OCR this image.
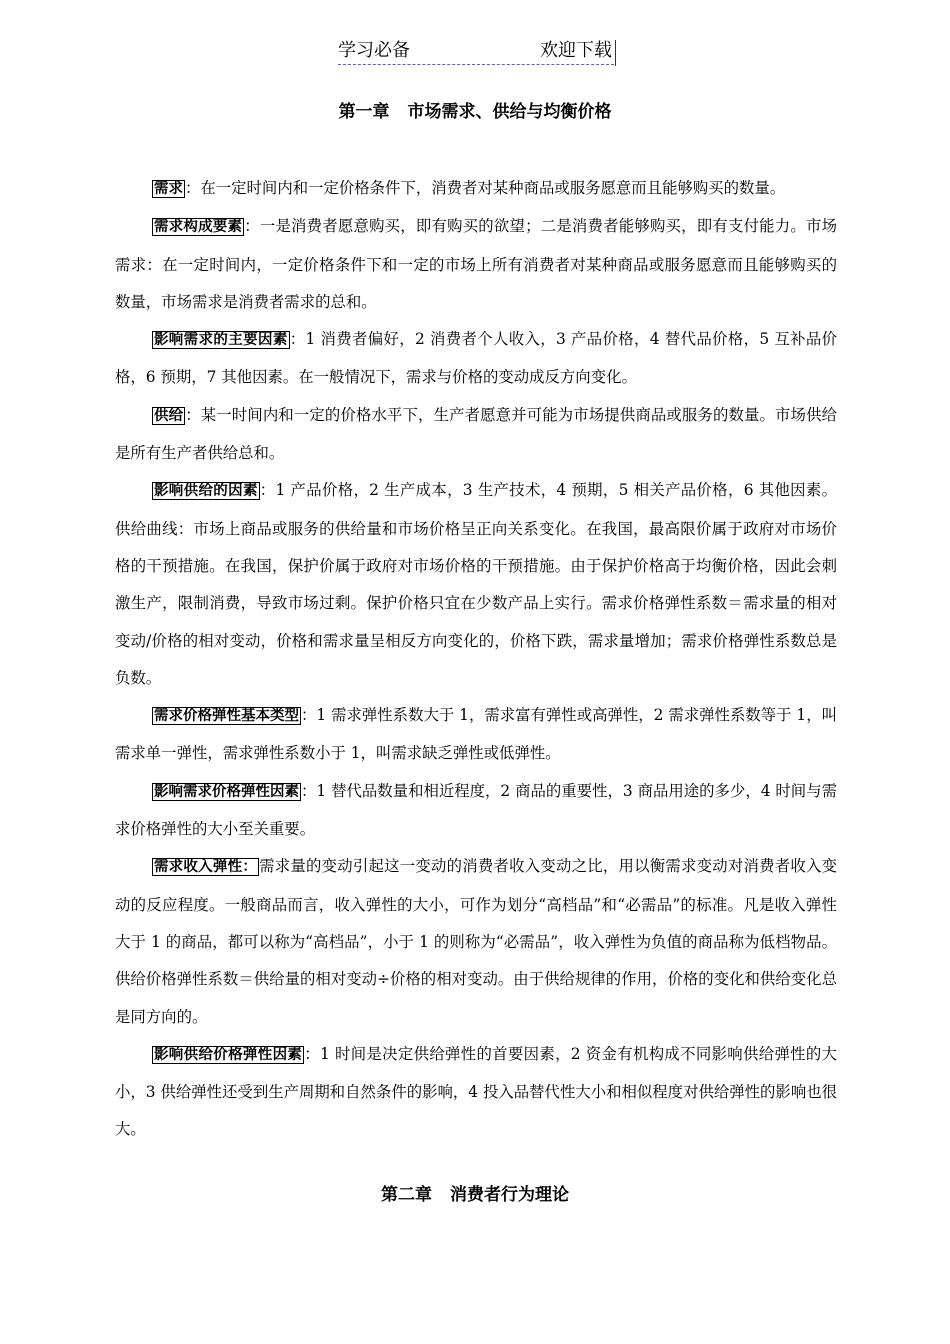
学习必备	欢迎下载
第一章 市场需求、供给与均衡价格

需求 ：在一定时间内和一定价格条件下，消费者对某种商品或服务愿意而且能够购买的数量。

需求构成要素 ：一是消费者愿意购买，即有购买的欲望；二是消费者能够购买，即有支付能力。市场需求：在一定时间内，一定价格条件下和一定的市场上所有消费者对某种商品或服务愿意而且能够购买的数量，市场需求是消费者需求的总和。

影响需求的主要因素 ：1 消费者偏好，2 消费者个人收入，3 产品价格，4 替代品价格，5 互补品价格，6 预期，7 其他因素。在一般情况下，需求与价格的变动成反方向变化。

供给 ：某一时间内和一定的价格水平下，生产者愿意并可能为市场提供商品或服务的数量。市场供给是所有生产者供给总和。

影响供给的因素 ：1 产品价格，2 生产成本，3 生产技术，4 预期，5 相关产品价格，6 其他因素。供给曲线：市场上商品或服务的供给量和市场价格呈正向关系变化。在我国，最高限价属于政府对市场价格的干预措施。在我国，保护价属于政府对市场价格的干预措施。由于保护价格高于均衡价格，因此会刺激生产，限制消费，导致市场过剩。保护价格只宜在少数产品上实行。需求价格弹性系数＝需求量的相对变动/价格的相对变动，价格和需求量呈相反方向变化的，价格下跌，需求量增加；需求价格弹性系数总是负数。

需求价格弹性基本类型 ：1 需求弹性系数大于 1，需求富有弹性或高弹性，2 需求弹性系数等于 1，叫需求单一弹性，需求弹性系数小于 1，叫需求缺乏弹性或低弹性。

影响需求价格弹性因素 ：1 替代品数量和相近程度，2 商品的重要性，3 商品用途的多少，4 时间与需求价格弹性的大小至关重要。

需求收入弹性： 需求量的变动引起这一变动的消费者收入变动之比，用以衡需求变动对消费者收入变动的反应程度。一般商品而言，收入弹性的大小，可作为划分“高档品”和“必需品”的标准。凡是收入弹性大于 1 的商品，都可以称为“高档品”，小于 1 的则称为“必需品”，收入弹性为负值的商品称为低档物品。供给价格弹性系数＝供给量的相对变动÷价格的相对变动。由于供给规律的作用，价格的变化和供给变化总是同方向的。

影响供给价格弹性因素 ：1 时间是决定供给弹性的首要因素，2 资金有机构成不同影响供给弹性的大小，3 供给弹性还受到生产周期和自然条件的影响，4 投入品替代性大小和相似程度对供给弹性的影响也很大。

第二章 消费者行为理论
